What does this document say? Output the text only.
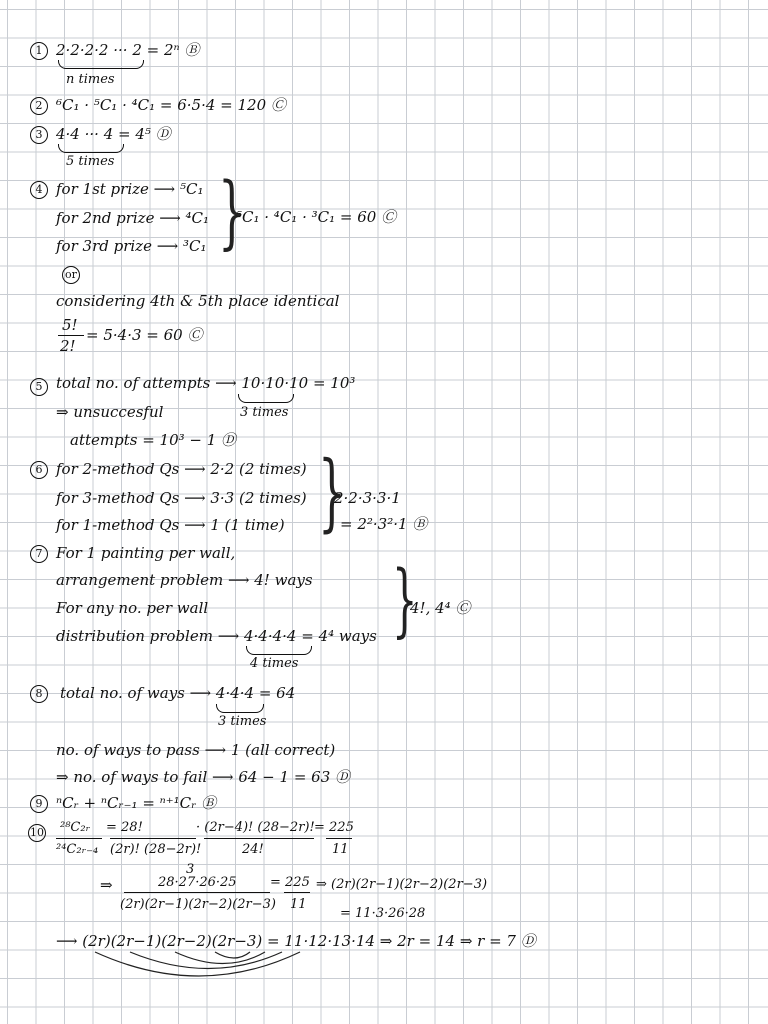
1 2·2·2·2 ··· 2 = 2ⁿ Ⓑ
n times
2 ⁶C₁ · ⁵C₁ · ⁴C₁ = 6·5·4 = 120 Ⓒ
3 4·4 ··· 4 = 4⁵ Ⓓ
5 times
4 for 1st prize ⟶ ⁵C₁
for 2nd prize ⟶ ⁴C₁
for 3rd prize ⟶ ³C₁ }
⁵C₁ · ⁴C₁ · ³C₁ = 60 Ⓒ
or
considering 4th & 5th place identical
5!
2!
= 5·4·3 = 60 Ⓒ
5 total no. of attempts ⟶ 10·10·10 = 10³
3 times
⇒ unsuccesful
attempts = 10³ − 1 Ⓓ
6 for 2-method Qs ⟶ 2·2 (2 times)
for 3-method Qs ⟶ 3·3 (2 times)
for 1-method Qs ⟶ 1 (1 time) }
2·2·3·3·1
= 2²·3²·1 Ⓑ
7 For 1 painting per wall,
arrangement problem ⟶ 4! ways
For any no. per wall
distribution problem ⟶ 4·4·4·4 = 4⁴ ways
4 times
}
4!, 4⁴ Ⓒ
8	total no. of ways ⟶ 4·4·4 = 64
3 times
no. of ways to pass ⟶ 1 (all correct)
⇒ no. of ways to fail ⟶ 64 − 1 = 63 Ⓓ
9 ⁿCᵣ + ⁿCᵣ₋₁ = ⁿ⁺¹Cᵣ Ⓑ
10 ²⁸C₂ᵣ
²⁴C₂ᵣ₋₄
= 28!
(2r)! (28−2r)!
· (2r−4)! (28−2r)!
24!
= 225
11
⇒
3
28·27·26·25
(2r)(2r−1)(2r−2)(2r−3)
= 225
11
⇒ (2r)(2r−1)(2r−2)(2r−3)
= 11·3·26·28
⟶ (2r)(2r−1)(2r−2)(2r−3) = 11·12·13·14 ⇒ 2r = 14 ⇒ r = 7 Ⓓ
